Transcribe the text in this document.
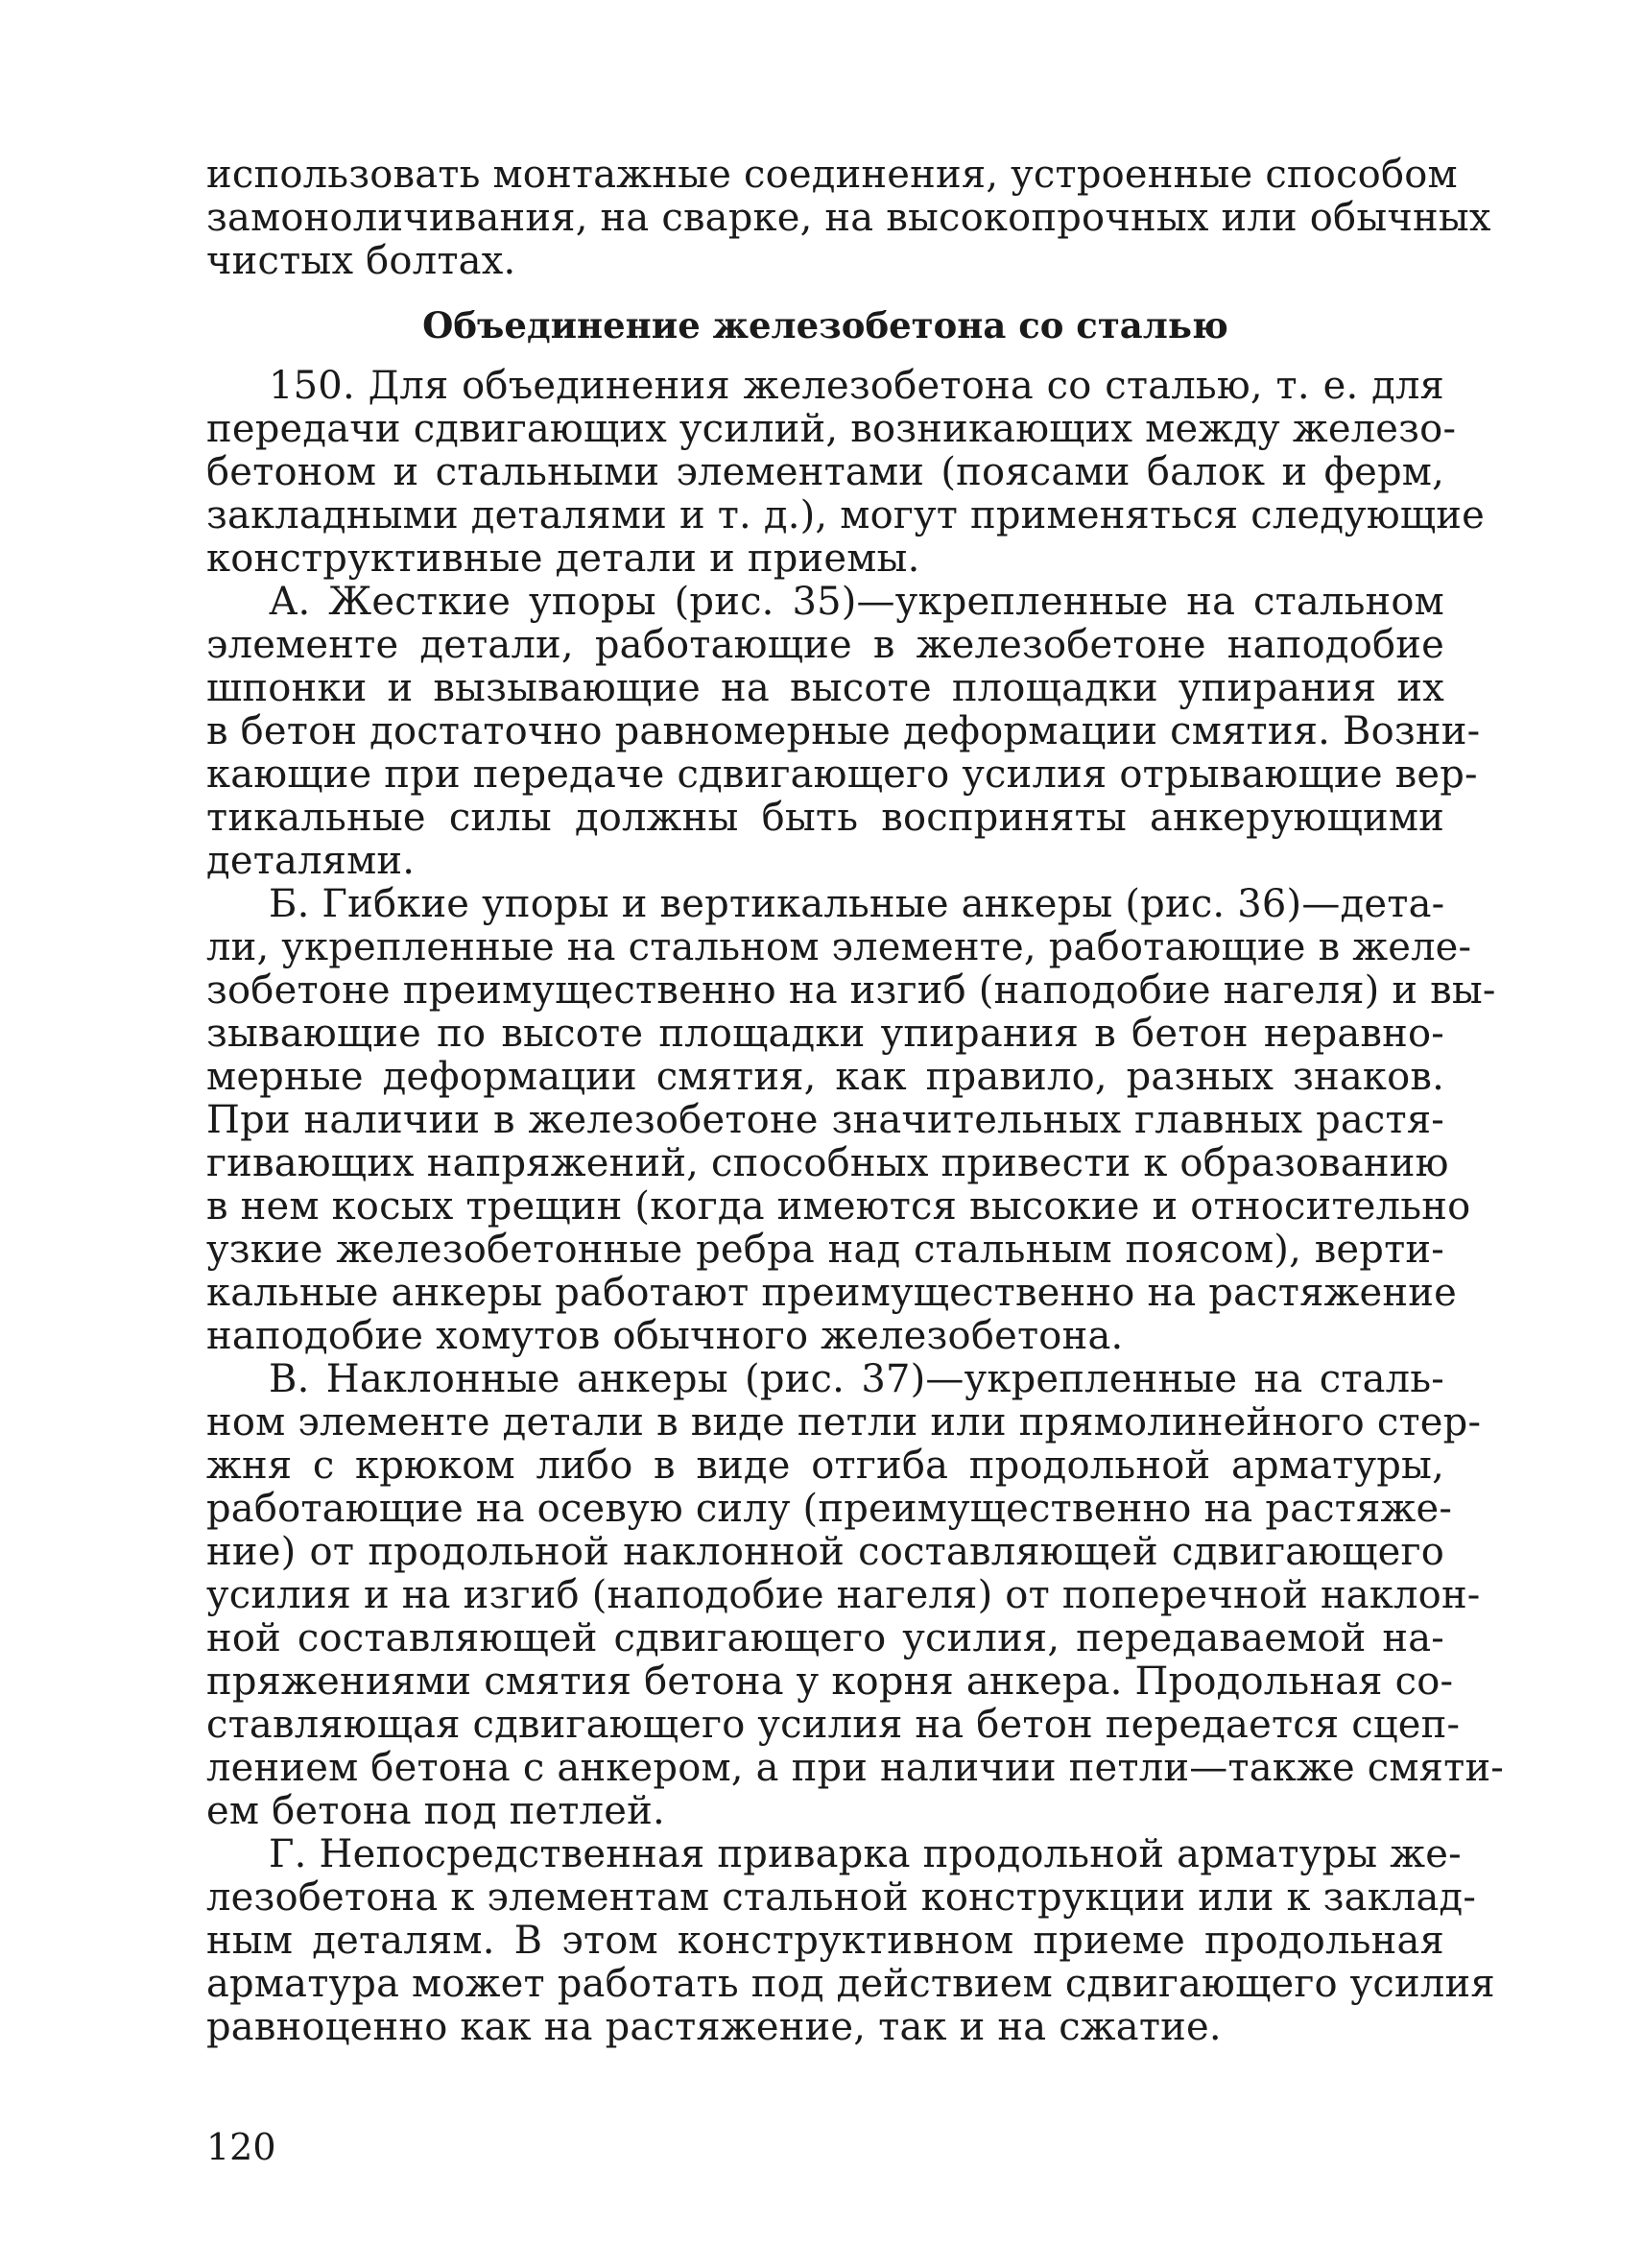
использовать монтажные соединения, устроенные способом
замоноличивания, на сварке, на высокопрочных или обычных
чистых болтах.
Объединение железобетона со сталью
150. Для объединения железобетона со сталью, т. е. для
передачи сдвигающих усилий, возникающих между железо-
бетоном и стальными элементами (поясами балок и ферм,
закладными деталями и т. д.), могут применяться следующие
конструктивные детали и приемы.
А. Жесткие упоры (рис. 35)—укрепленные на стальном
элементе детали, работающие в железобетоне наподобие
шпонки и вызывающие на высоте площадки упирания их
в бетон достаточно равномерные деформации смятия. Возни-
кающие при передаче сдвигающего усилия отрывающие вер-
тикальные силы должны быть восприняты анкерующими
деталями.
Б. Гибкие упоры и вертикальные анкеры (рис. 36)—дета-
ли, укрепленные на стальном элементе, работающие в желе-
зобетоне преимущественно на изгиб (наподобие нагеля) и вы-
зывающие по высоте площадки упирания в бетон неравно-
мерные деформации смятия, как правило, разных знаков.
При наличии в железобетоне значительных главных растя-
гивающих напряжений, способных привести к образованию
в нем косых трещин (когда имеются высокие и относительно
узкие железобетонные ребра над стальным поясом), верти-
кальные анкеры работают преимущественно на растяжение
наподобие хомутов обычного железобетона.
В. Наклонные анкеры (рис. 37)—укрепленные на сталь-
ном элементе детали в виде петли или прямолинейного стер-
жня с крюком либо в виде отгиба продольной арматуры,
работающие на осевую силу (преимущественно на растяже-
ние) от продольной наклонной составляющей сдвигающего
усилия и на изгиб (наподобие нагеля) от поперечной наклон-
ной составляющей сдвигающего усилия, передаваемой на-
пряжениями смятия бетона у корня анкера. Продольная со-
ставляющая сдвигающего усилия на бетон передается сцеп-
лением бетона с анкером, а при наличии петли—также смяти-
ем бетона под петлей.
Г. Непосредственная приварка продольной арматуры же-
лезобетона к элементам стальной конструкции или к заклад-
ным деталям. В этом конструктивном приеме продольная
арматура может работать под действием сдвигающего усилия
равноценно как на растяжение, так и на сжатие.
120
